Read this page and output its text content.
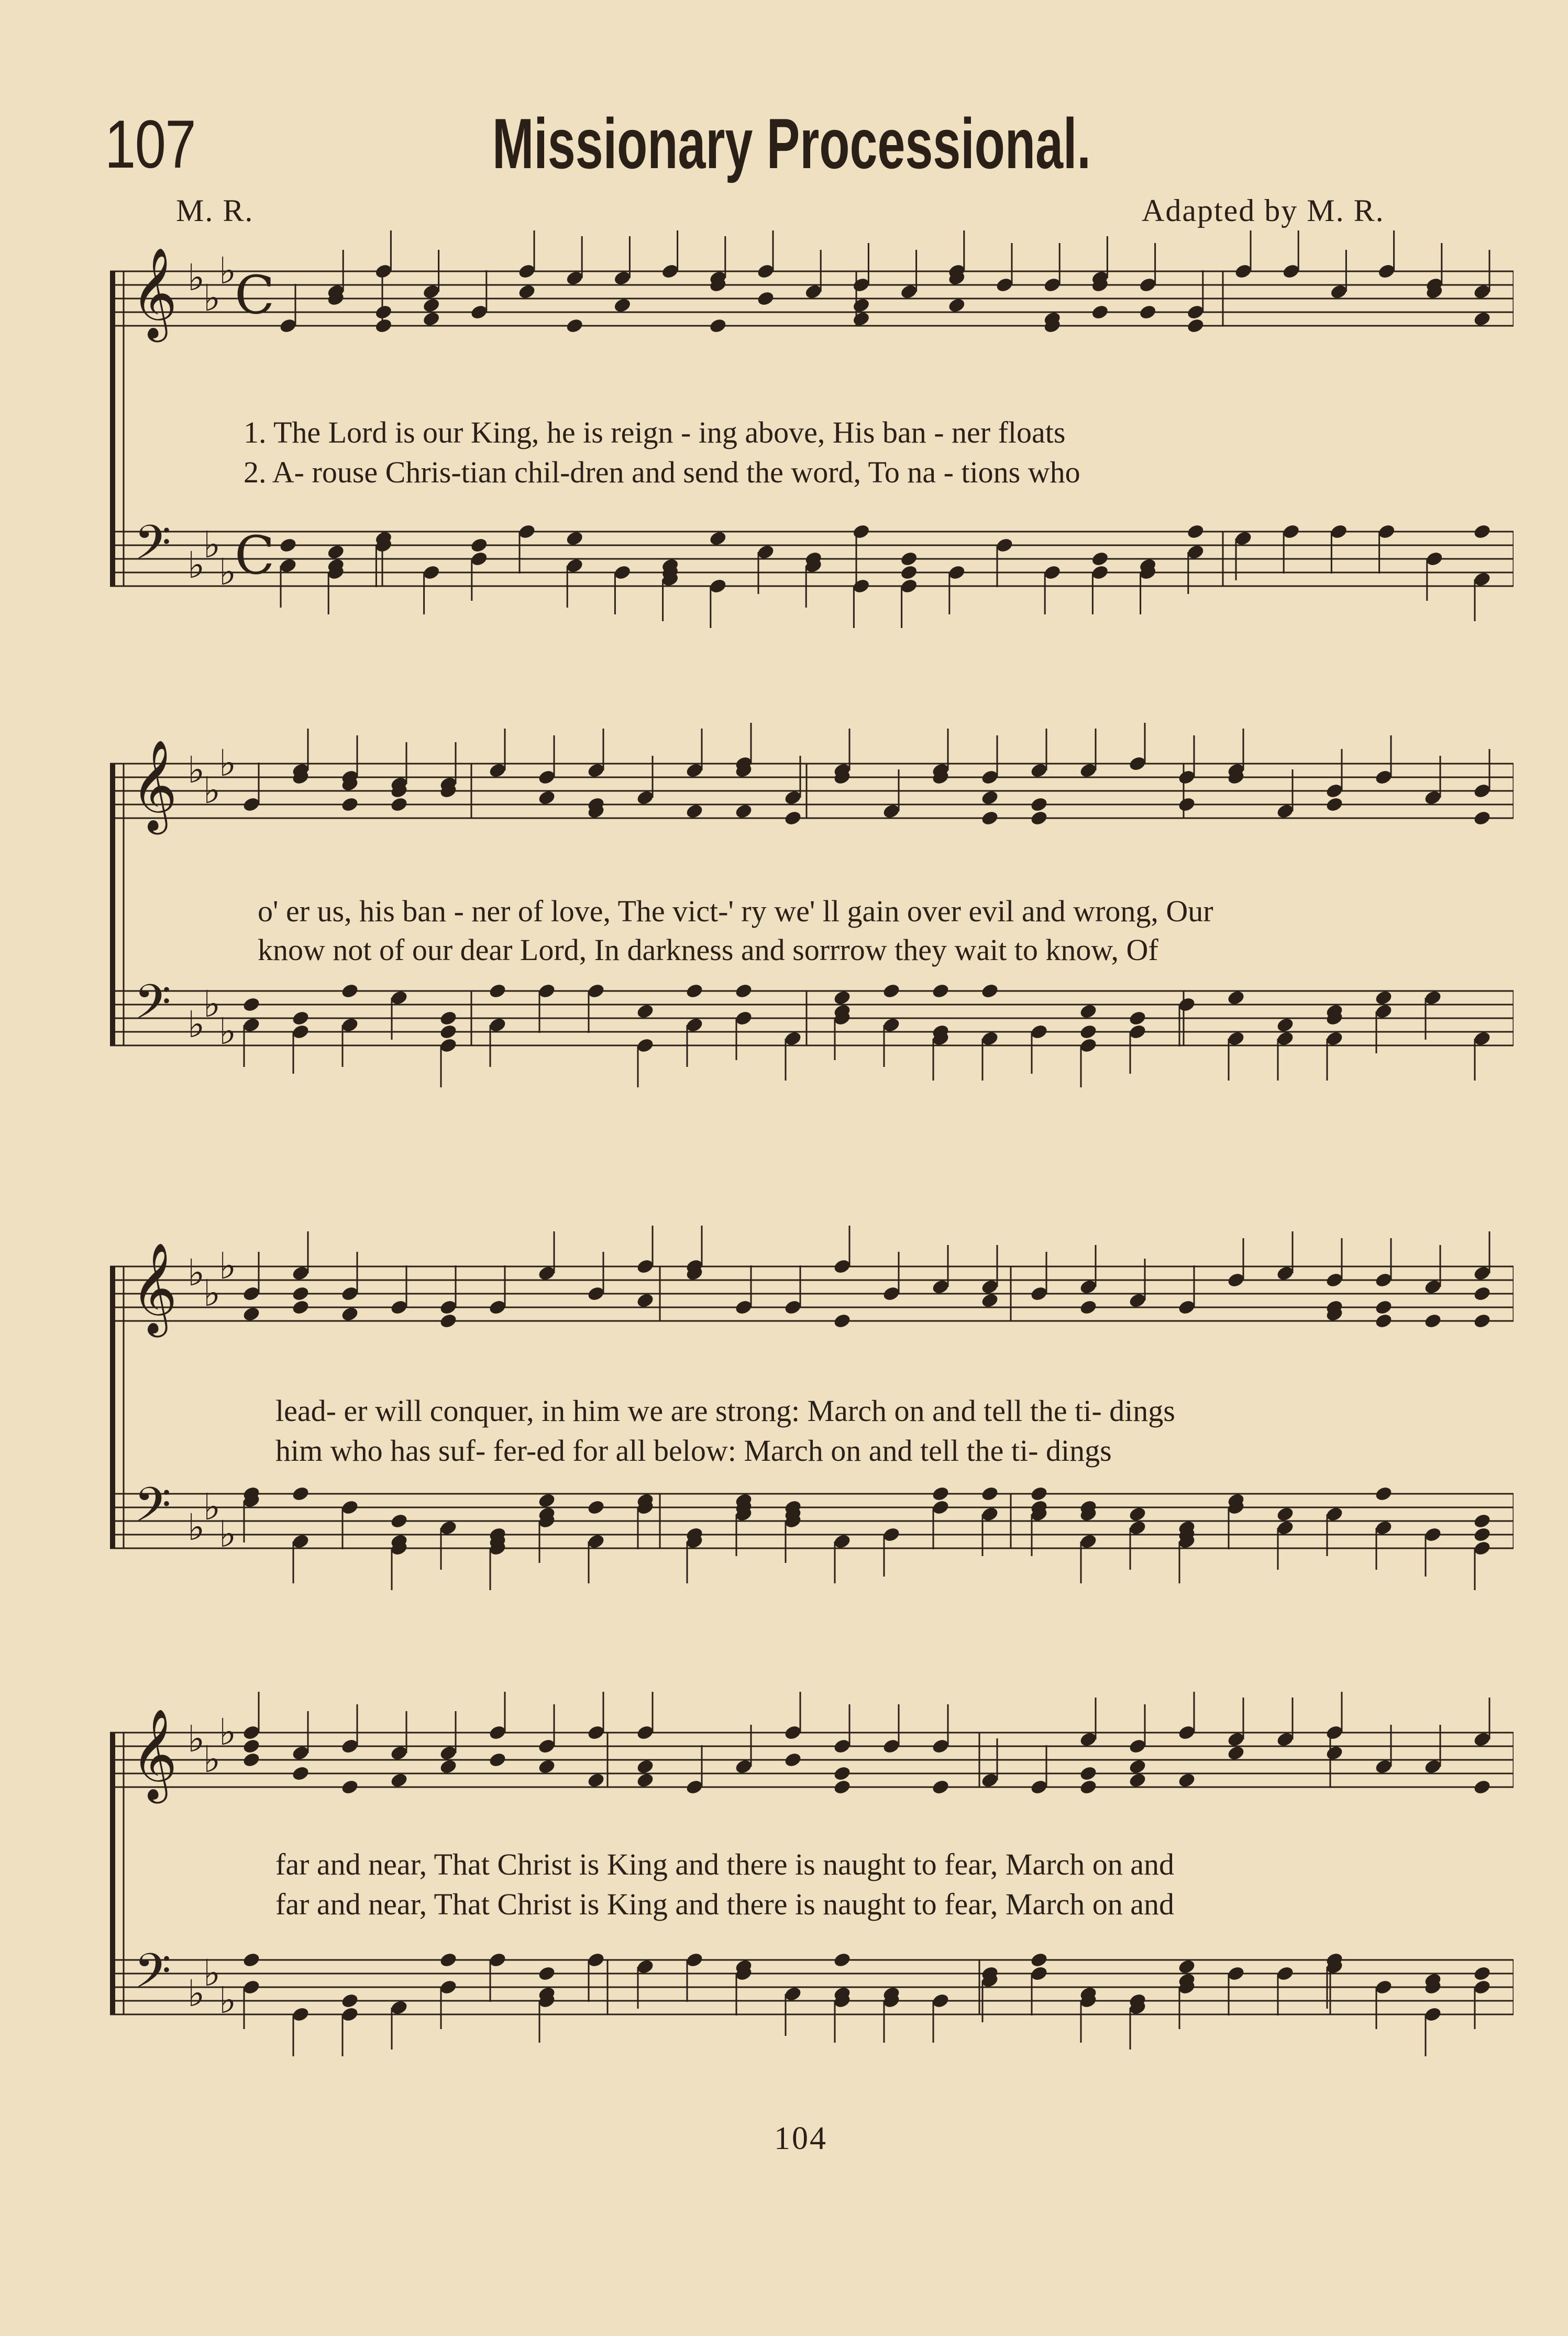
107	Missionary Processional.
M. R.	Adapted by M. R.
𝄞
𝄢
♭
♭
♭
♭
♭
♭
C
C
1. The Lord is our King, he is reign - ing above, His ban - ner floats
2. A- rouse Chris-tian chil-dren and send the word, To na - tions who
𝄞
𝄢
♭
♭
♭
♭
♭
♭
o' er us, his ban - ner of love, The vict-' ry we' ll gain over evil and wrong, Our
know not of our dear Lord, In darkness and sorrrow they wait to know, Of
𝄞
𝄢
♭
♭
♭
♭
♭
♭
lead- er will conquer, in him we are strong: March on and tell the ti- dings
him who has suf- fer-ed for all below: March on and tell the ti- dings
𝄞
𝄢
♭
♭
♭
♭
♭
♭
far and near, That Christ is King and there is naught to fear, March on and
far and near, That Christ is King and there is naught to fear, March on and
104
